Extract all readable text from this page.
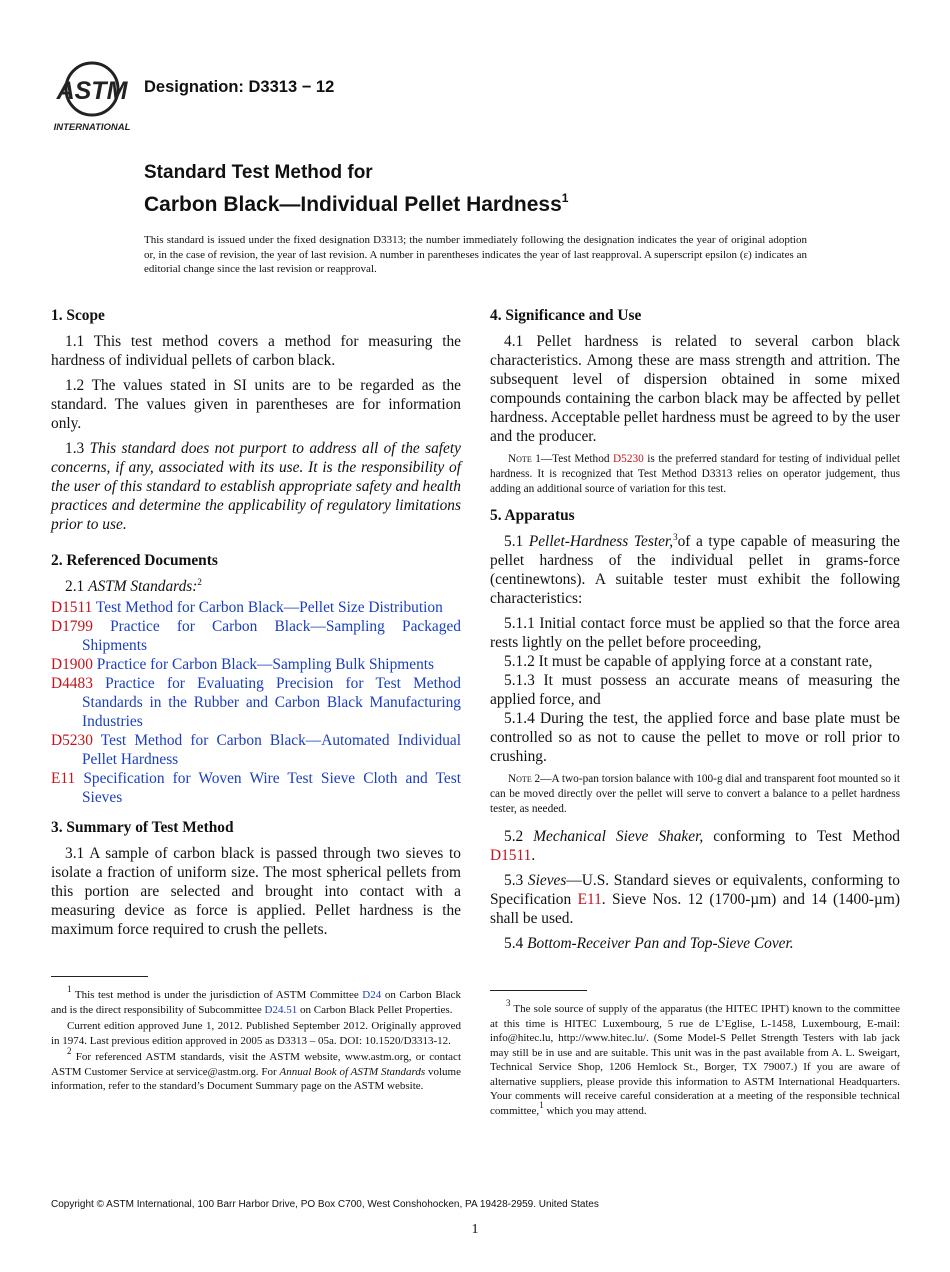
ASTM
INTERNATIONAL
Designation: D3313 − 12
Standard Test Method for
Carbon Black—Individual Pellet Hardness$^1$
This standard is issued under the fixed designation D3313; the number immediately following the designation indicates the year of original adoption or, in the case of revision, the year of last revision. A number in parentheses indicates the year of last reapproval. A superscript epsilon (ε) indicates an editorial change since the last revision or reapproval.
1. Scope

1.1 This test method covers a method for measuring the hardness of individual pellets of carbon black.

1.2 The values stated in SI units are to be regarded as the standard. The values given in parentheses are for information only.

1.3 This standard does not purport to address all of the safety concerns, if any, associated with its use. It is the responsibility of the user of this standard to establish appropriate safety and health practices and determine the applicability of regulatory limitations prior to use.

2. Referenced Documents

2.1 ASTM Standards:$^2$

D1511 Test Method for Carbon Black—Pellet Size Distribution

D1799 Practice for Carbon Black—Sampling Packaged Shipments

D1900 Practice for Carbon Black—Sampling Bulk Shipments

D4483 Practice for Evaluating Precision for Test Method Standards in the Rubber and Carbon Black Manufacturing Industries

D5230 Test Method for Carbon Black—Automated Individual Pellet Hardness

E11 Specification for Woven Wire Test Sieve Cloth and Test Sieves

3. Summary of Test Method

3.1 A sample of carbon black is passed through two sieves to isolate a fraction of uniform size. The most spherical pellets from this portion are selected and brought into contact with a measuring device as force is applied. Pellet hardness is the maximum force required to crush the pellets.

$^1$ This test method is under the jurisdiction of ASTM Committee D24 on Carbon Black and is the direct responsibility of Subcommittee D24.51 on Carbon Black Pellet Properties.

Current edition approved June 1, 2012. Published September 2012. Originally approved in 1974. Last previous edition approved in 2005 as D3313 – 05a. DOI: 10.1520/D3313-12.

$^2$ For referenced ASTM standards, visit the ASTM website, www.astm.org, or contact ASTM Customer Service at service@astm.org. For Annual Book of ASTM Standards volume information, refer to the standard’s Document Summary page on the ASTM website.

4. Significance and Use

4.1 Pellet hardness is related to several carbon black characteristics. Among these are mass strength and attrition. The subsequent level of dispersion obtained in some mixed compounds containing the carbon black may be affected by pellet hardness. Acceptable pellet hardness must be agreed to by the user and the producer.

Note 1—Test Method D5230 is the preferred standard for testing of individual pellet hardness. It is recognized that Test Method D3313 relies on operator judgement, thus adding an additional source of variation for this test.

5. Apparatus

5.1 Pellet-Hardness Tester,$^3$of a type capable of measuring the pellet hardness of the individual pellet in grams-force (centinewtons). A suitable tester must exhibit the following characteristics:

5.1.1 Initial contact force must be applied so that the force area rests lightly on the pellet before proceeding,

5.1.2 It must be capable of applying force at a constant rate,

5.1.3 It must possess an accurate means of measuring the applied force, and

5.1.4 During the test, the applied force and base plate must be controlled so as not to cause the pellet to move or roll prior to crushing.

Note 2—A two-pan torsion balance with 100-g dial and transparent foot mounted so it can be moved directly over the pellet will serve to convert a balance to a pellet hardness tester, as needed.

5.2 Mechanical Sieve Shaker, conforming to Test Method D1511.

5.3 Sieves—U.S. Standard sieves or equivalents, conforming to Specification E11. Sieve Nos. 12 (1700-µm) and 14 (1400-µm) shall be used.

5.4 Bottom-Receiver Pan and Top-Sieve Cover.

$^3$ The sole source of supply of the apparatus (the HITEC IPHT) known to the committee at this time is HITEC Luxembourg, 5 rue de L’Eglise, L-1458, Luxembourg, E-mail: info@hitec.lu, http://www.hitec.lu/. (Some Model-S Pellet Strength Testers with lab jack may still be in use and are suitable. This unit was in the past available from A. L. Sweigart, Technical Service Shop, 1206 Hemlock St., Borger, TX 79007.) If you are aware of alternative suppliers, please provide this information to ASTM International Headquarters. Your comments will receive careful consideration at a meeting of the responsible technical committee,$^1$ which you may attend.

Copyright © ASTM International, 100 Barr Harbor Drive, PO Box C700, West Conshohocken, PA 19428-2959. United States
1
